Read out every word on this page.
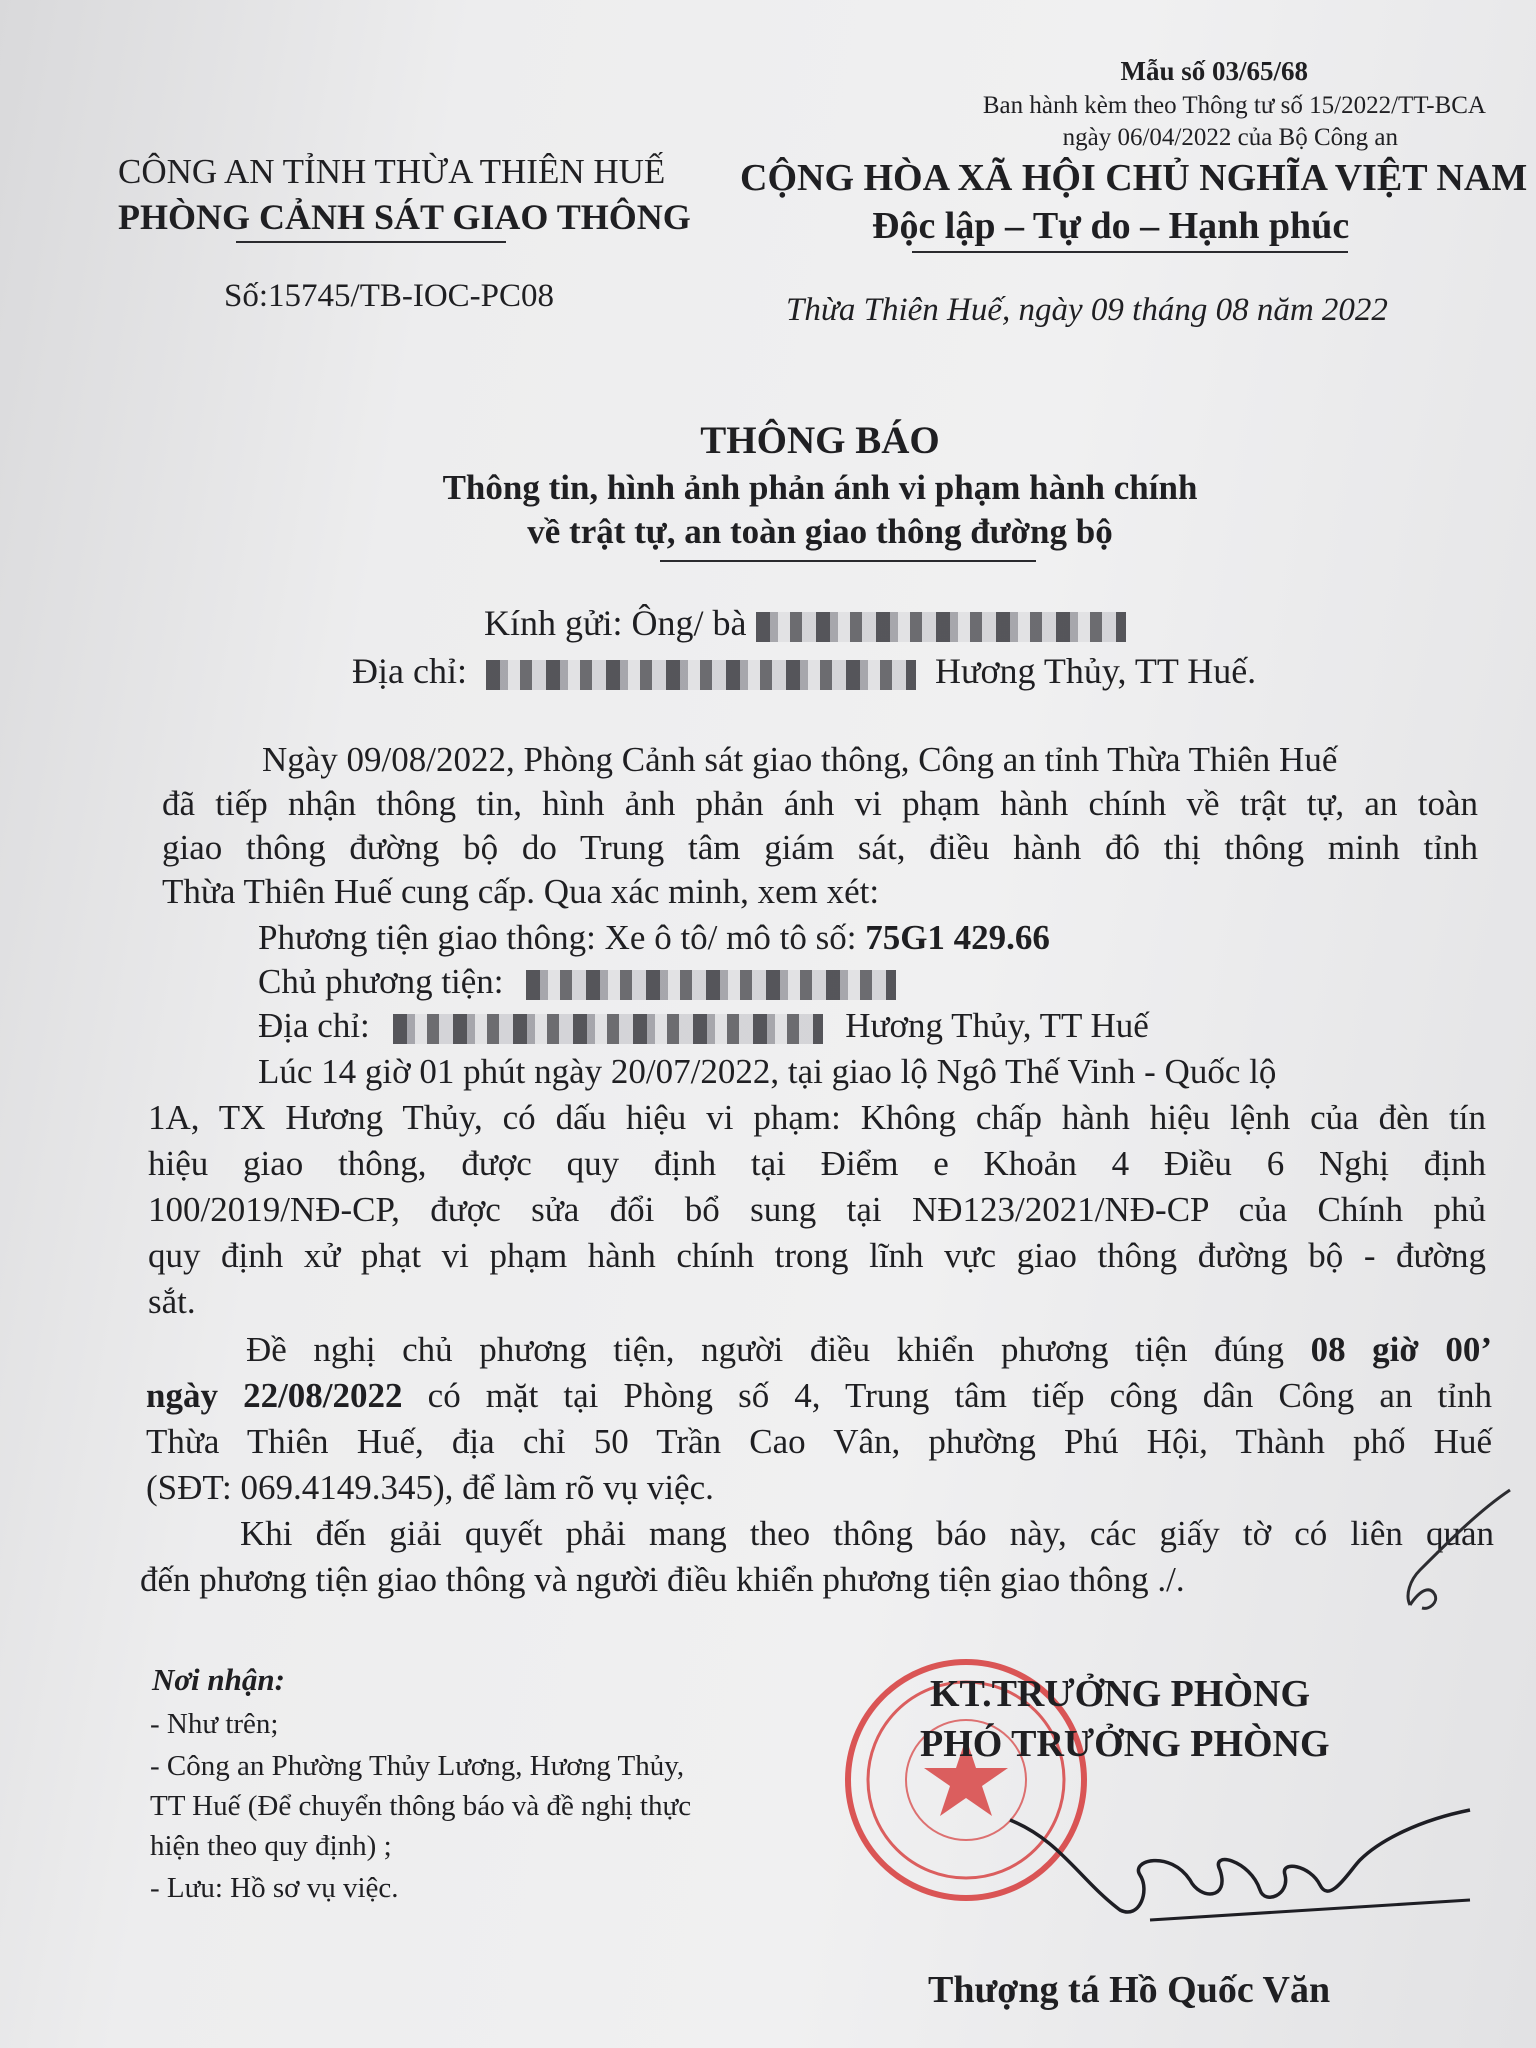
Mẫu số 03/65/68
Ban hành kèm theo Thông tư số 15/2022/TT-BCA
ngày 06/04/2022 của Bộ Công an
CÔNG AN TỈNH THỪA THIÊN HUẾ
PHÒNG CẢNH SÁT GIAO THÔNG
CỘNG HÒA XÃ HỘI CHỦ NGHĨA VIỆT NAM
Độc lập – Tự do – Hạnh phúc
Số:15745/TB-IOC-PC08	Thừa Thiên Huế, ngày 09 tháng 08 năm 2022
THÔNG BÁO
Thông tin, hình ảnh phản ánh vi phạm hành chính
về trật tự, an toàn giao thông đường bộ
Kính gửi: Ông/ bà
Địa chỉ:	Hương Thủy, TT Huế.
Ngày 09/08/2022, Phòng Cảnh sát giao thông, Công an tỉnh Thừa Thiên Huế
đã tiếp nhận thông tin, hình ảnh phản ánh vi phạm hành chính về trật tự, an toàn
giao thông đường bộ do Trung tâm giám sát, điều hành đô thị thông minh tỉnh
Thừa Thiên Huế cung cấp. Qua xác minh, xem xét:
Phương tiện giao thông: Xe ô tô/ mô tô số: 75G1 429.66
Chủ phương tiện:
Địa chỉ:	Hương Thủy, TT Huế
Lúc 14 giờ 01 phút ngày 20/07/2022, tại giao lộ Ngô Thế Vinh - Quốc lộ
1A, TX Hương Thủy, có dấu hiệu vi phạm: Không chấp hành hiệu lệnh của đèn tín
hiệu giao thông, được quy định tại Điểm e Khoản 4 Điều 6 Nghị định
100/2019/NĐ-CP, được sửa đổi bổ sung tại NĐ123/2021/NĐ-CP của Chính phủ
quy định xử phạt vi phạm hành chính trong lĩnh vực giao thông đường bộ - đường
sắt.
Đề nghị chủ phương tiện, người điều khiển phương tiện đúng 08 giờ 00’
ngày 22/08/2022 có mặt tại Phòng số 4, Trung tâm tiếp công dân Công an tỉnh
Thừa Thiên Huế, địa chỉ 50 Trần Cao Vân, phường Phú Hội, Thành phố Huế
(SĐT: 069.4149.345), để làm rõ vụ việc.
Khi đến giải quyết phải mang theo thông báo này, các giấy tờ có liên quan
đến phương tiện giao thông và người điều khiển phương tiện giao thông ./.
Nơi nhận:
- Như trên;
- Công an Phường Thủy Lương, Hương Thủy,
TT Huế (Để chuyển thông báo và đề nghị thực
hiện theo quy định) ;
- Lưu: Hồ sơ vụ việc.
KT.TRƯỞNG PHÒNG
PHÓ TRƯỞNG PHÒNG
Thượng tá Hồ Quốc Văn
